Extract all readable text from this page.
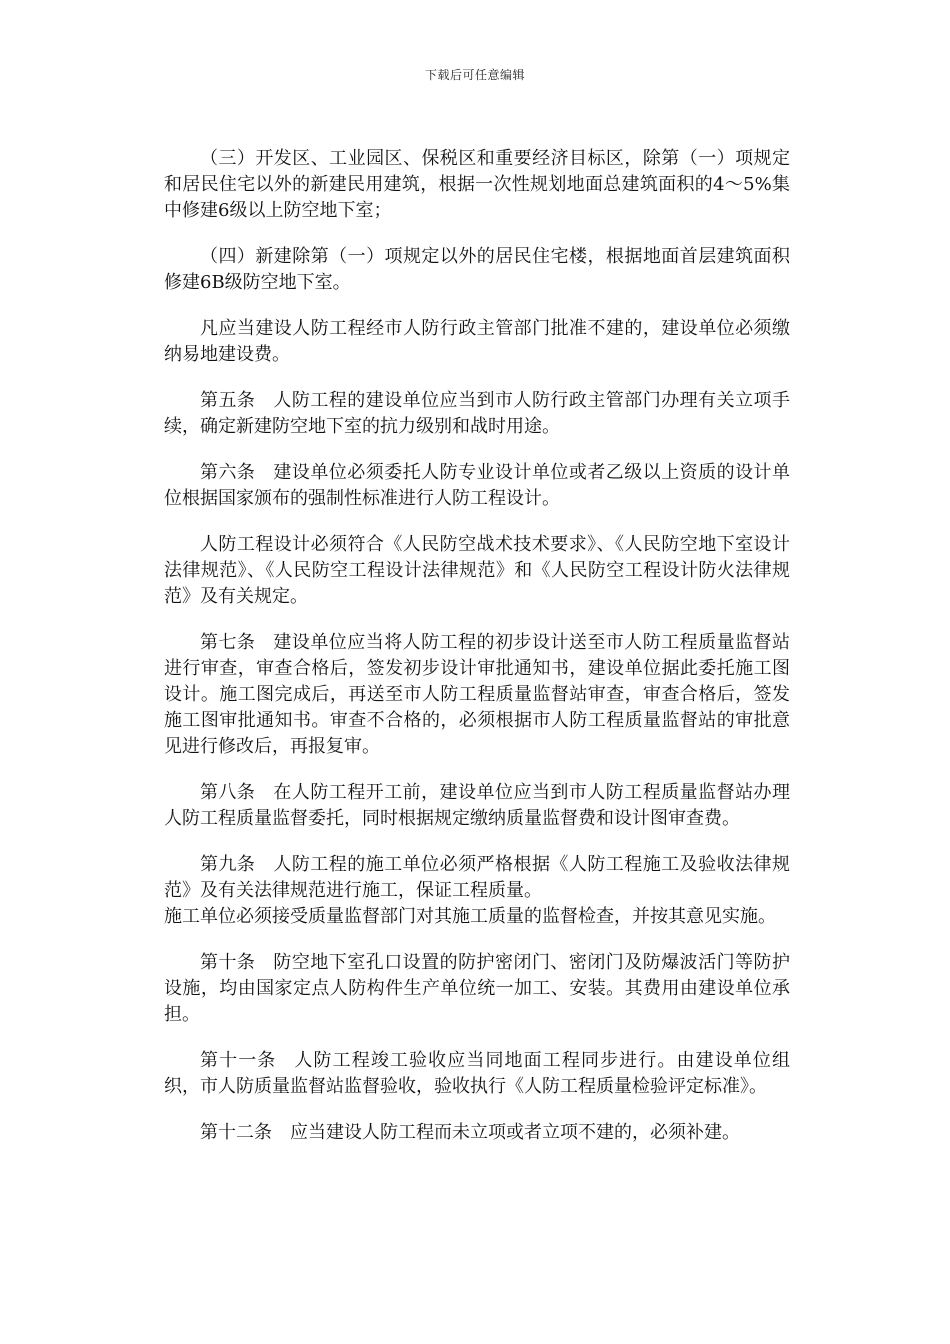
下载后可任意编辑

（三）开发区、工业园区、保税区和重要经济目标区，除第（一）项规定和居民住宅以外的新建民用建筑，根据一次性规划地面总建筑面积的4～5%集中修建6级以上防空地下室；

（四）新建除第（一）项规定以外的居民住宅楼，根据地面首层建筑面积修建6B级防空地下室。

凡应当建设人防工程经市人防行政主管部门批准不建的，建设单位必须缴纳易地建设费。

第五条 人防工程的建设单位应当到市人防行政主管部门办理有关立项手续，确定新建防空地下室的抗力级别和战时用途。

第六条 建设单位必须委托人防专业设计单位或者乙级以上资质的设计单位根据国家颁布的强制性标准进行人防工程设计。

人防工程设计必须符合《人民防空战术技术要求》、《人民防空地下室设计法律规范》、《人民防空工程设计法律规范》和《人民防空工程设计防火法律规范》及有关规定。

第七条 建设单位应当将人防工程的初步设计送至市人防工程质量监督站进行审查，审查合格后，签发初步设计审批通知书，建设单位据此委托施工图设计。施工图完成后，再送至市人防工程质量监督站审查，审查合格后，签发施工图审批通知书。审查不合格的，必须根据市人防工程质量监督站的审批意见进行修改后，再报复审。

第八条 在人防工程开工前，建设单位应当到市人防工程质量监督站办理人防工程质量监督委托，同时根据规定缴纳质量监督费和设计图审查费。

第九条 人防工程的施工单位必须严格根据《人防工程施工及验收法律规范》及有关法律规范进行施工，保证工程质量。

施工单位必须接受质量监督部门对其施工质量的监督检查，并按其意见实施。

第十条 防空地下室孔口设置的防护密闭门、密闭门及防爆波活门等防护设施，均由国家定点人防构件生产单位统一加工、安装。其费用由建设单位承担。

第十一条 人防工程竣工验收应当同地面工程同步进行。由建设单位组织，市人防质量监督站监督验收，验收执行《人防工程质量检验评定标准》。

第十二条 应当建设人防工程而未立项或者立项不建的，必须补建。
